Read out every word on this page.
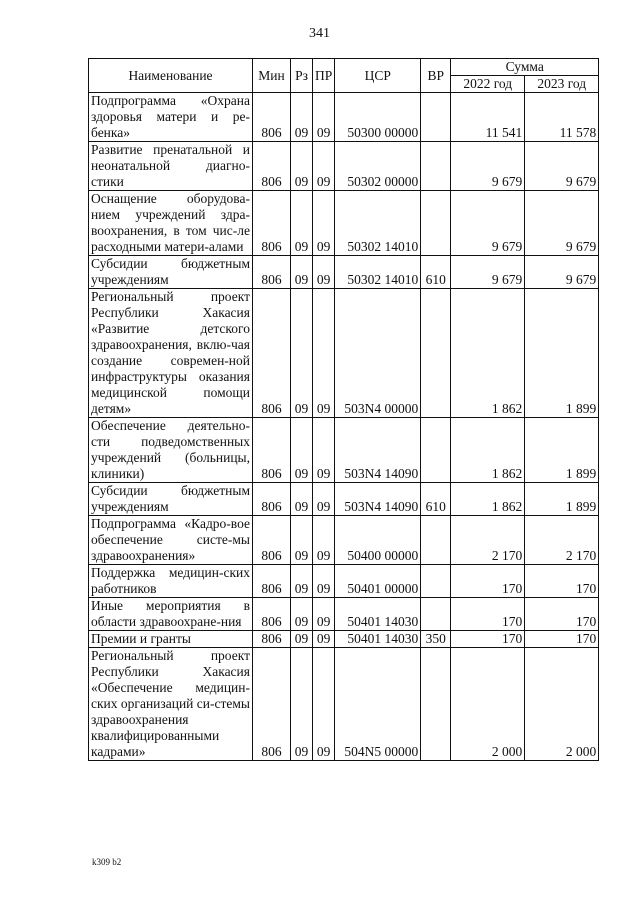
341
Наименование	Мин	Рз	ПР	ЦСР	ВР	Сумма	
						2022 год	2023 год
Подпрограмма «Охрана здоровья матери и ре-бенка»	806	09	09	50300 00000		11 541	11 578
Развитие пренатальной и неонатальной диагно-стики	806	09	09	50302 00000		9 679	9 679
Оснащение оборудова-нием учреждений здра-воохранения, в том чис-ле расходными матери-алами	806	09	09	50302 14010		9 679	9 679
Субсидии бюджетным учреждениям	806	09	09	50302 14010	610	9 679	9 679
Региональный проект Республики Хакасия «Развитие детского здравоохранения, вклю-чая создание современ-ной инфраструктуры оказания медицинской помощи детям»	806	09	09	503N4 00000		1 862	1 899
Обеспечение деятельно-сти подведомственных учреждений (больницы, клиники)	806	09	09	503N4 14090		1 862	1 899
Субсидии бюджетным учреждениям	806	09	09	503N4 14090	610	1 862	1 899
Подпрограмма «Кадро-вое обеспечение систе-мы здравоохранения»	806	09	09	50400 00000		2 170	2 170
Поддержка медицин-ских работников	806	09	09	50401 00000		170	170
Иные мероприятия в области здравоохране-ния	806	09	09	50401 14030		170	170
Премии и гранты	806	09	09	50401 14030	350	170	170
Региональный проект Республики Хакасия «Обеспечение медицин-ских организаций си-стемы здравоохранения квалифицированными кадрами»	806	09	09	504N5 00000		2 000	2 000
k309 b2
